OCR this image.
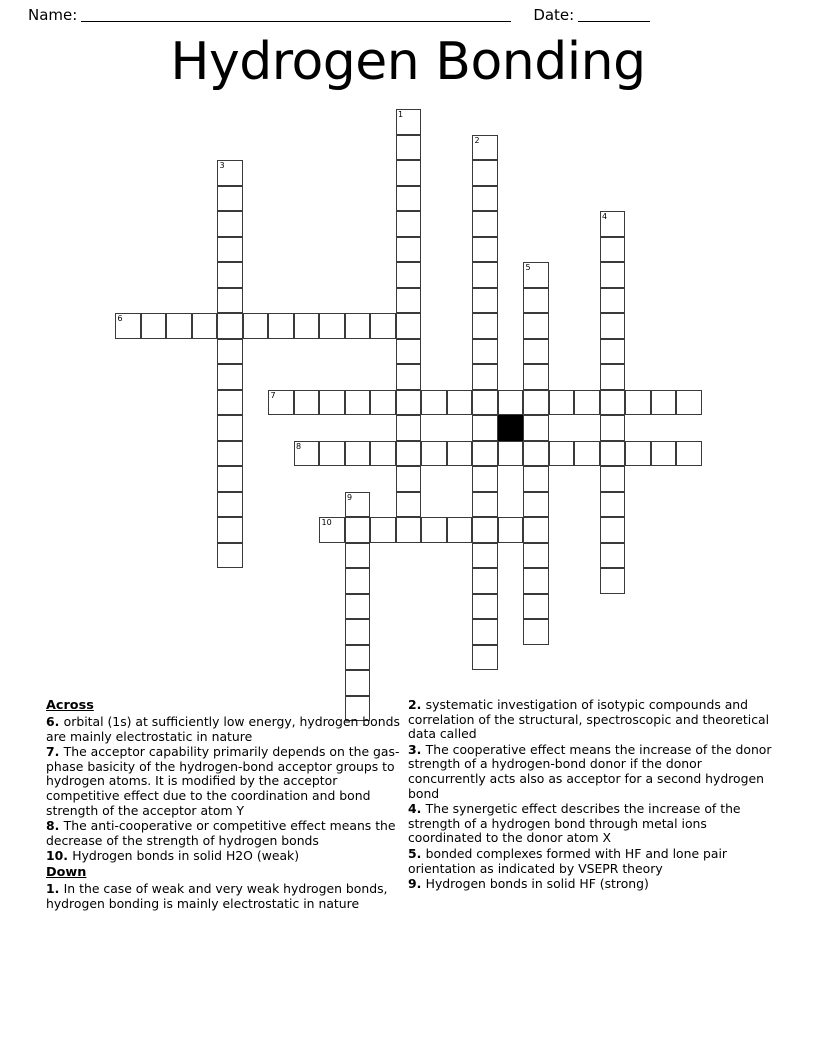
Name:	Date:
Hydrogen Bonding
1
2
3
4
5
6
7
8
9
10
Across
6. orbital (1s) at sufficiently low energy, hydrogen bonds are mainly electrostatic in nature
7. The acceptor capability primarily depends on the gas-phase basicity of the hydrogen-bond acceptor groups to hydrogen atoms. It is modified by the acceptor competitive effect due to the coordination and bond strength of the acceptor atom Y
8. The anti-cooperative or competitive effect means the decrease of the strength of hydrogen bonds
10. Hydrogen bonds in solid H2O (weak)
Down
1. In the case of weak and very weak hydrogen bonds, hydrogen bonding is mainly electrostatic in nature
2. systematic investigation of isotypic compounds and correlation of the structural, spectroscopic and theoretical data called
3. The cooperative effect means the increase of the donor strength of a hydrogen-bond donor if the donor concurrently acts also as acceptor for a second hydrogen bond
4. The synergetic effect describes the increase of the strength of a hydrogen bond through metal ions coordinated to the donor atom X
5. bonded complexes formed with HF and lone pair orientation as indicated by VSEPR theory
9. Hydrogen bonds in solid HF (strong)
